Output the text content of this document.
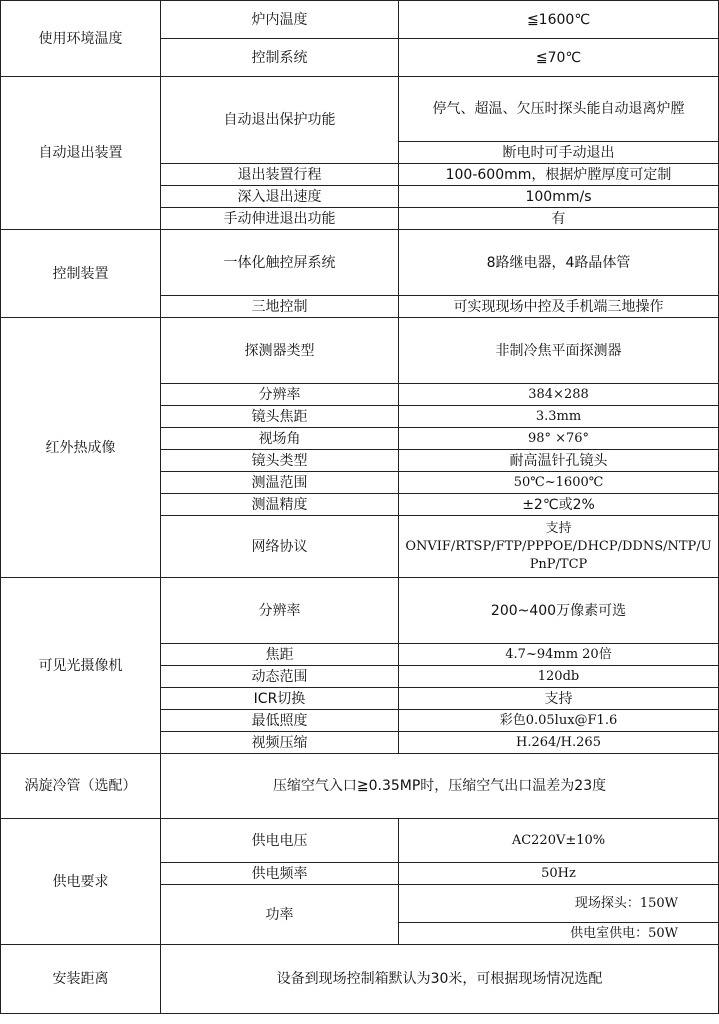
使用环境温度	炉内温度	≦1600℃
	控制系统	≦70℃
自动退出装置	自动退出保护功能	停气、超温、欠压时探头能自动退离炉膛
		断电时可手动退出
	退出装置行程	100-600mm，根据炉膛厚度可定制
	深入退出速度	100mm/s
	手动伸进退出功能	有
控制装置	一体化触控屏系统	8路继电器，4路晶体管
	三地控制	可实现现场中控及手机端三地操作
红外热成像	探测器类型	非制冷焦平面探测器
	分辨率	384×288
	镜头焦距	3.3mm
	视场角	98° ×76°
	镜头类型	耐高温针孔镜头
	测温范围	50℃~1600℃
	测温精度	±2℃或2%
	网络协议	支持
ONVIF/RTSP/FTP/PPPOE/DHCP/DDNS/NTP/UPnP/TCP

可见光摄像机	分辨率	200~400万像素可选
	焦距	4.7~94mm 20倍
	动态范围	120db
	ICR切换	支持
	最低照度	彩色0.05lux@F1.6
	视频压缩	H.264/H.265
涡旋冷管（选配）	压缩空气入口≧0.35MP时，压缩空气出口温差为23度	
供电要求	供电电压	AC220V±10%
	供电频率	50Hz
	功率	现场探头：150W
		供电室供电：50W
安装距离	设备到现场控制箱默认为30米，可根据现场情况选配	
